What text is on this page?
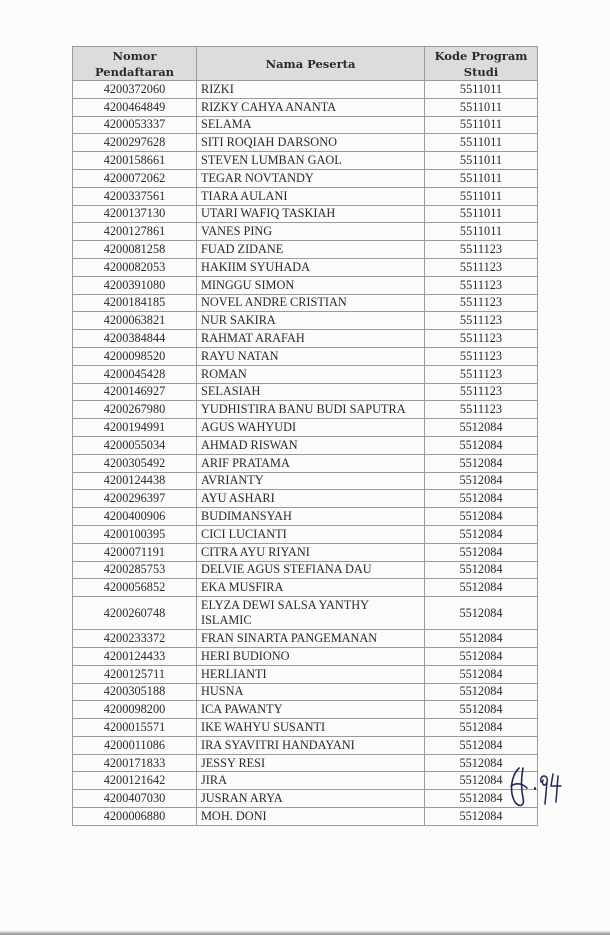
Nomor Pendaftaran	Nama Peserta	Kode Program Studi
4200372060	RIZKI	5511011
4200464849	RIZKY CAHYA ANANTA	5511011
4200053337	SELAMA	5511011
4200297628	SITI ROQIAH DARSONO	5511011
4200158661	STEVEN LUMBAN GAOL	5511011
4200072062	TEGAR NOVTANDY	5511011
4200337561	TIARA AULANI	5511011
4200137130	UTARI WAFIQ TASKIAH	5511011
4200127861	VANES PING	5511011
4200081258	FUAD ZIDANE	5511123
4200082053	HAKIIM SYUHADA	5511123
4200391080	MINGGU SIMON	5511123
4200184185	NOVEL ANDRE CRISTIAN	5511123
4200063821	NUR SAKIRA	5511123
4200384844	RAHMAT ARAFAH	5511123
4200098520	RAYU NATAN	5511123
4200045428	ROMAN	5511123
4200146927	SELASIAH	5511123
4200267980	YUDHISTIRA BANU BUDI SAPUTRA	5511123
4200194991	AGUS WAHYUDI	5512084
4200055034	AHMAD RISWAN	5512084
4200305492	ARIF PRATAMA	5512084
4200124438	AVRIANTY	5512084
4200296397	AYU ASHARI	5512084
4200400906	BUDIMANSYAH	5512084
4200100395	CICI LUCIANTI	5512084
4200071191	CITRA AYU RIYANI	5512084
4200285753	DELVIE AGUS STEFIANA DAU	5512084
4200056852	EKA MUSFIRA	5512084
4200260748	ELYZA DEWI SALSA YANTHY ISLAMIC	5512084
4200233372	FRAN SINARTA PANGEMANAN	5512084
4200124433	HERI BUDIONO	5512084
4200125711	HERLIANTI	5512084
4200305188	HUSNA	5512084
4200098200	ICA PAWANTY	5512084
4200015571	IKE WAHYU SUSANTI	5512084
4200011086	IRA SYAVITRI HANDAYANI	5512084
4200171833	JESSY RESI	5512084
4200121642	JIRA	5512084
4200407030	JUSRAN ARYA	5512084
4200006880	MOH. DONI	5512084
